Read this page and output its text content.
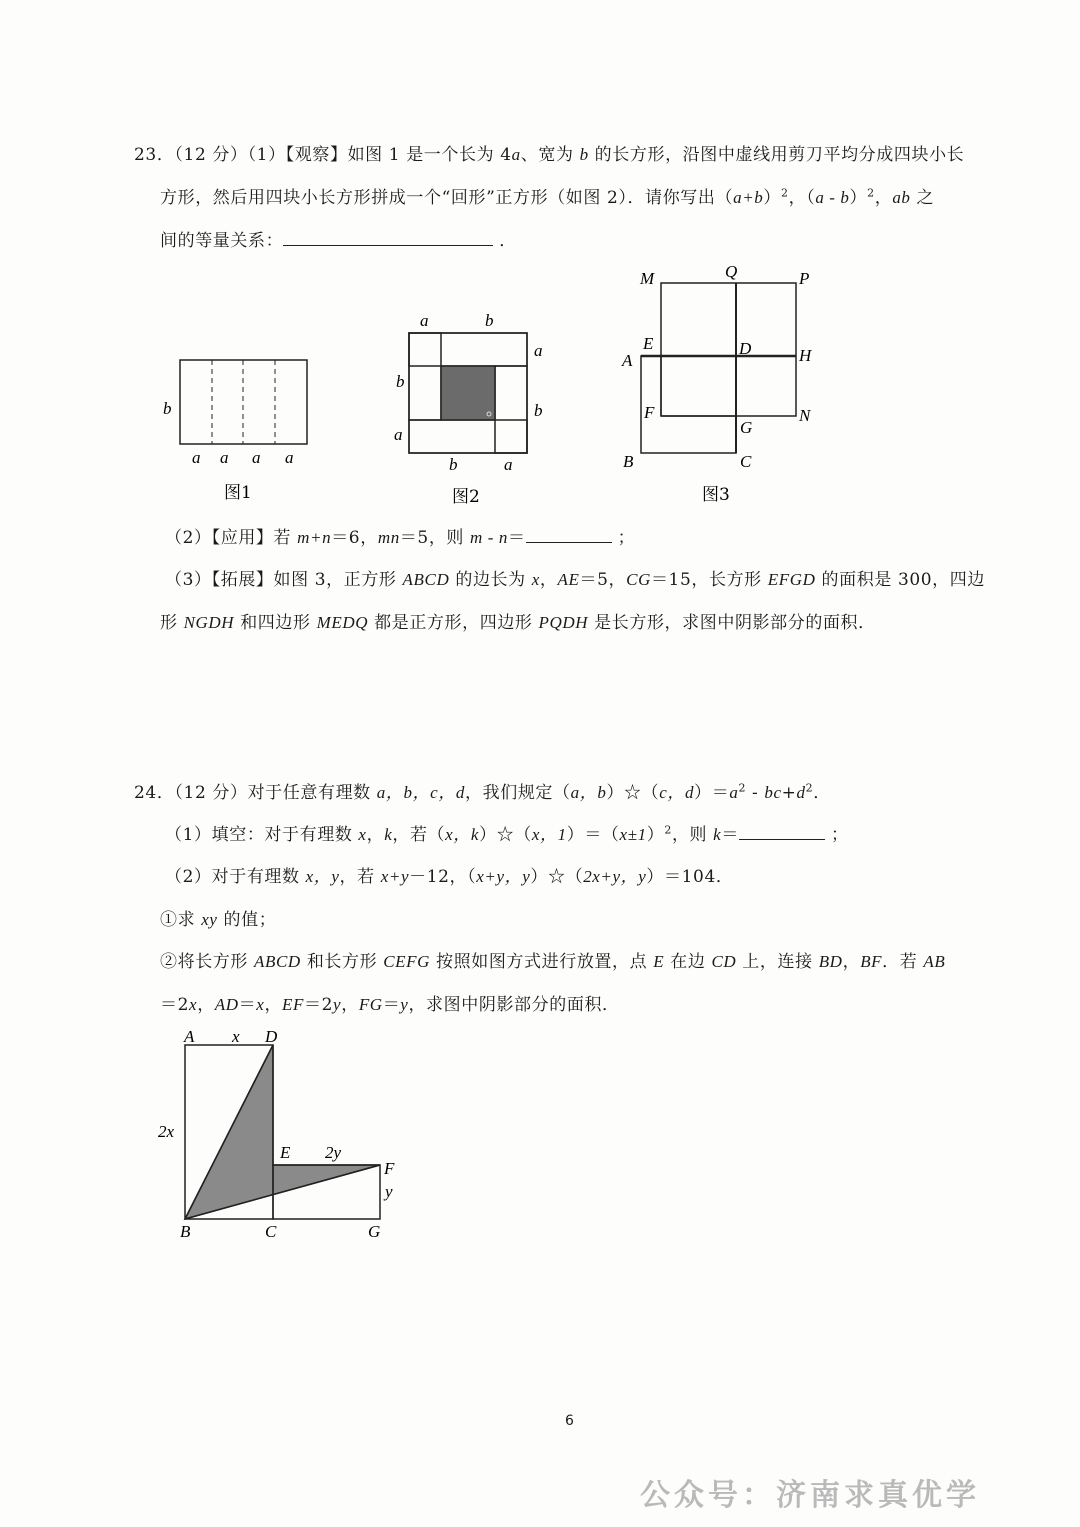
23．（12 分）（1）【观察】如图 1 是一个长为 4a、宽为 b 的长方形，沿图中虚线用剪刀平均分成四块小长
方形，然后用四块小长方形拼成一个“回形”正方形（如图 2）．请你写出$(a+b)^2$，（a - b）$^2$，ab 之
间的等量关系：	．
b
a a a a
图1
a	b
a
b
b
a
b	a
图2
M	Q	P
E
A
D	H
F	N
G
B	C
图3
A x D
2x
E 2y
F
y
B	C	G
（2）【应用】若 m+n＝6，mn＝5，则 m - n＝	；
（3）【拓展】如图 3，正方形 ABCD 的边长为 x，AE＝5，CG＝15，长方形 EFGD 的面积是 300，四边
形 NGDH 和四边形 MEDQ 都是正方形，四边形 PQDH 是长方形，求图中阴影部分的面积．
24．（12 分）对于任意有理数 a，b，c，d，我们规定（a，b）☆（c，$d)=a^2 - bc+d^2$．
（1）填空：对于有理数 x，k，若（x，k）☆（x，$1)=(x\pm 1)^2$，则 k＝	；
（2）对于有理数 x，y，若 x+y－12，（x+y，y）☆（2x+y，y）＝104．
①求 xy 的值；
②将长方形 ABCD 和长方形 CEFG 按照如图方式进行放置，点 E 在边 CD 上，连接 BD，BF．若 AB
＝2x，AD＝x，EF＝2y，FG＝y，求图中阴影部分的面积．
6
公众号：济南求真优学
